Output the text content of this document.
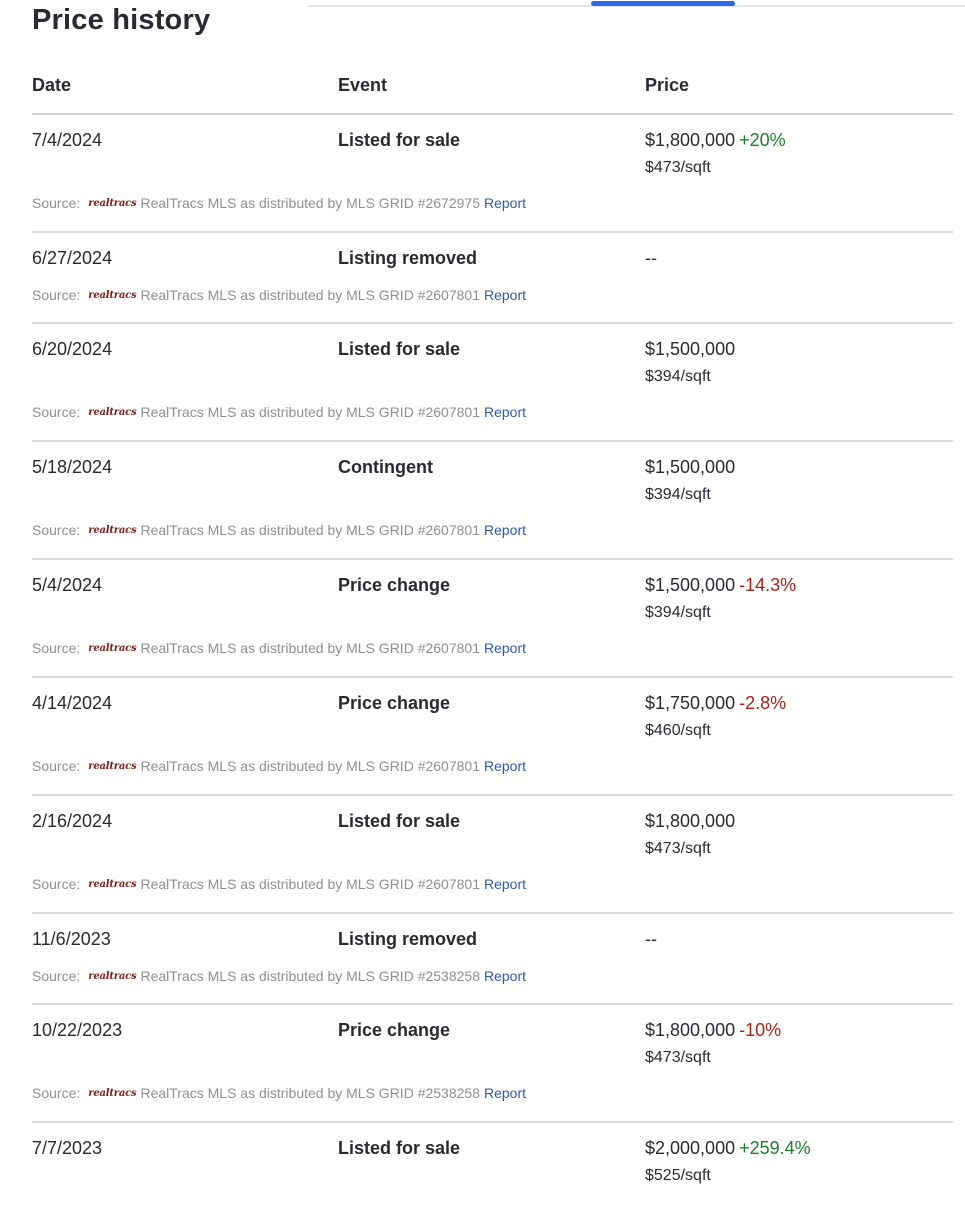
Price history
Date	Event	Price
7/4/2024	Listed for sale	$1,800,000 +20%
$473/sqft
Source: realtracs RealTracs MLS as distributed by MLS GRID #2672975 Report
6/27/2024	Listing removed	--
Source: realtracs RealTracs MLS as distributed by MLS GRID #2607801 Report
6/20/2024	Listed for sale	$1,500,000
$394/sqft
Source: realtracs RealTracs MLS as distributed by MLS GRID #2607801 Report
5/18/2024	Contingent	$1,500,000
$394/sqft
Source: realtracs RealTracs MLS as distributed by MLS GRID #2607801 Report
5/4/2024	Price change	$1,500,000 -14.3%
$394/sqft
Source: realtracs RealTracs MLS as distributed by MLS GRID #2607801 Report
4/14/2024	Price change	$1,750,000 -2.8%
$460/sqft
Source: realtracs RealTracs MLS as distributed by MLS GRID #2607801 Report
2/16/2024	Listed for sale	$1,800,000
$473/sqft
Source: realtracs RealTracs MLS as distributed by MLS GRID #2607801 Report
11/6/2023	Listing removed	--
Source: realtracs RealTracs MLS as distributed by MLS GRID #2538258 Report
10/22/2023	Price change	$1,800,000 -10%
$473/sqft
Source: realtracs RealTracs MLS as distributed by MLS GRID #2538258 Report
7/7/2023	Listed for sale	$2,000,000 +259.4%
$525/sqft
